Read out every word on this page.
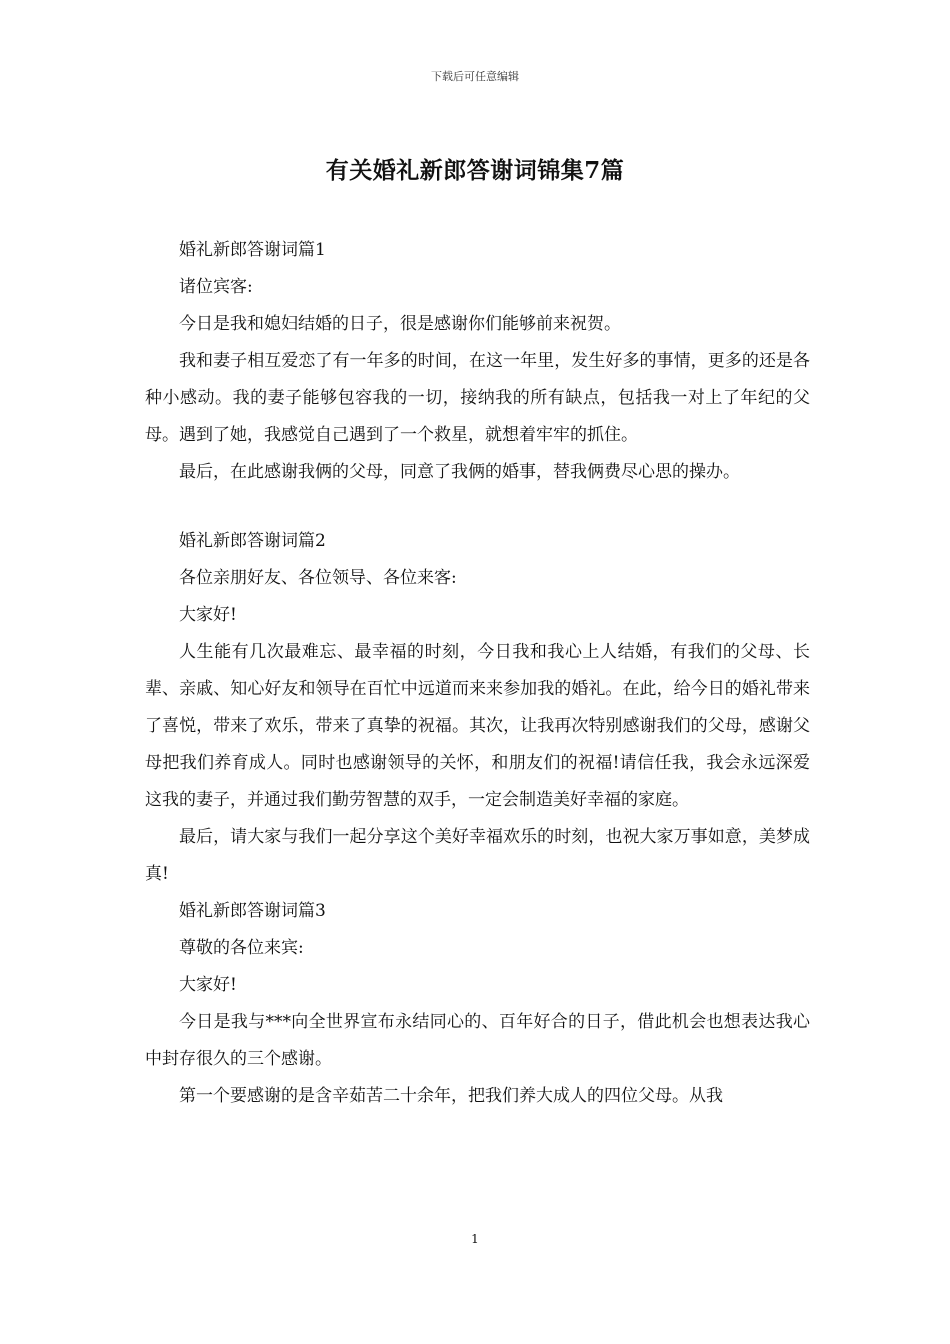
下载后可任意编辑
有关婚礼新郎答谢词锦集7篇

婚礼新郎答谢词篇1

诸位宾客:

今日是我和媳妇结婚的日子，很是感谢你们能够前来祝贺。

我和妻子相互爱恋了有一年多的时间，在这一年里，发生好多的事情，更多的还是各种小感动。我的妻子能够包容我的一切，接纳我的所有缺点，包括我一对上了年纪的父母。遇到了她，我感觉自己遇到了一个救星，就想着牢牢的抓住。

最后，在此感谢我俩的父母，同意了我俩的婚事，替我俩费尽心思的操办。

婚礼新郎答谢词篇2

各位亲朋好友、各位领导、各位来客:

大家好!

人生能有几次最难忘、最幸福的时刻，今日我和我心上人结婚，有我们的父母、长辈、亲戚、知心好友和领导在百忙中远道而来来参加我的婚礼。在此，给今日的婚礼带来了喜悦，带来了欢乐，带来了真挚的祝福。其次，让我再次特别感谢我们的父母，感谢父母把我们养育成人。同时也感谢领导的关怀，和朋友们的祝福!请信任我，我会永远深爱这我的妻子，并通过我们勤劳智慧的双手，一定会制造美好幸福的家庭。

最后，请大家与我们一起分享这个美好幸福欢乐的时刻，也祝大家万事如意，美梦成真!

婚礼新郎答谢词篇3

尊敬的各位来宾:

大家好!

今日是我与***向全世界宣布永结同心的、百年好合的日子，借此机会也想表达我心中封存很久的三个感谢。

第一个要感谢的是含辛茹苦二十余年，把我们养大成人的四位父母。从我

1
